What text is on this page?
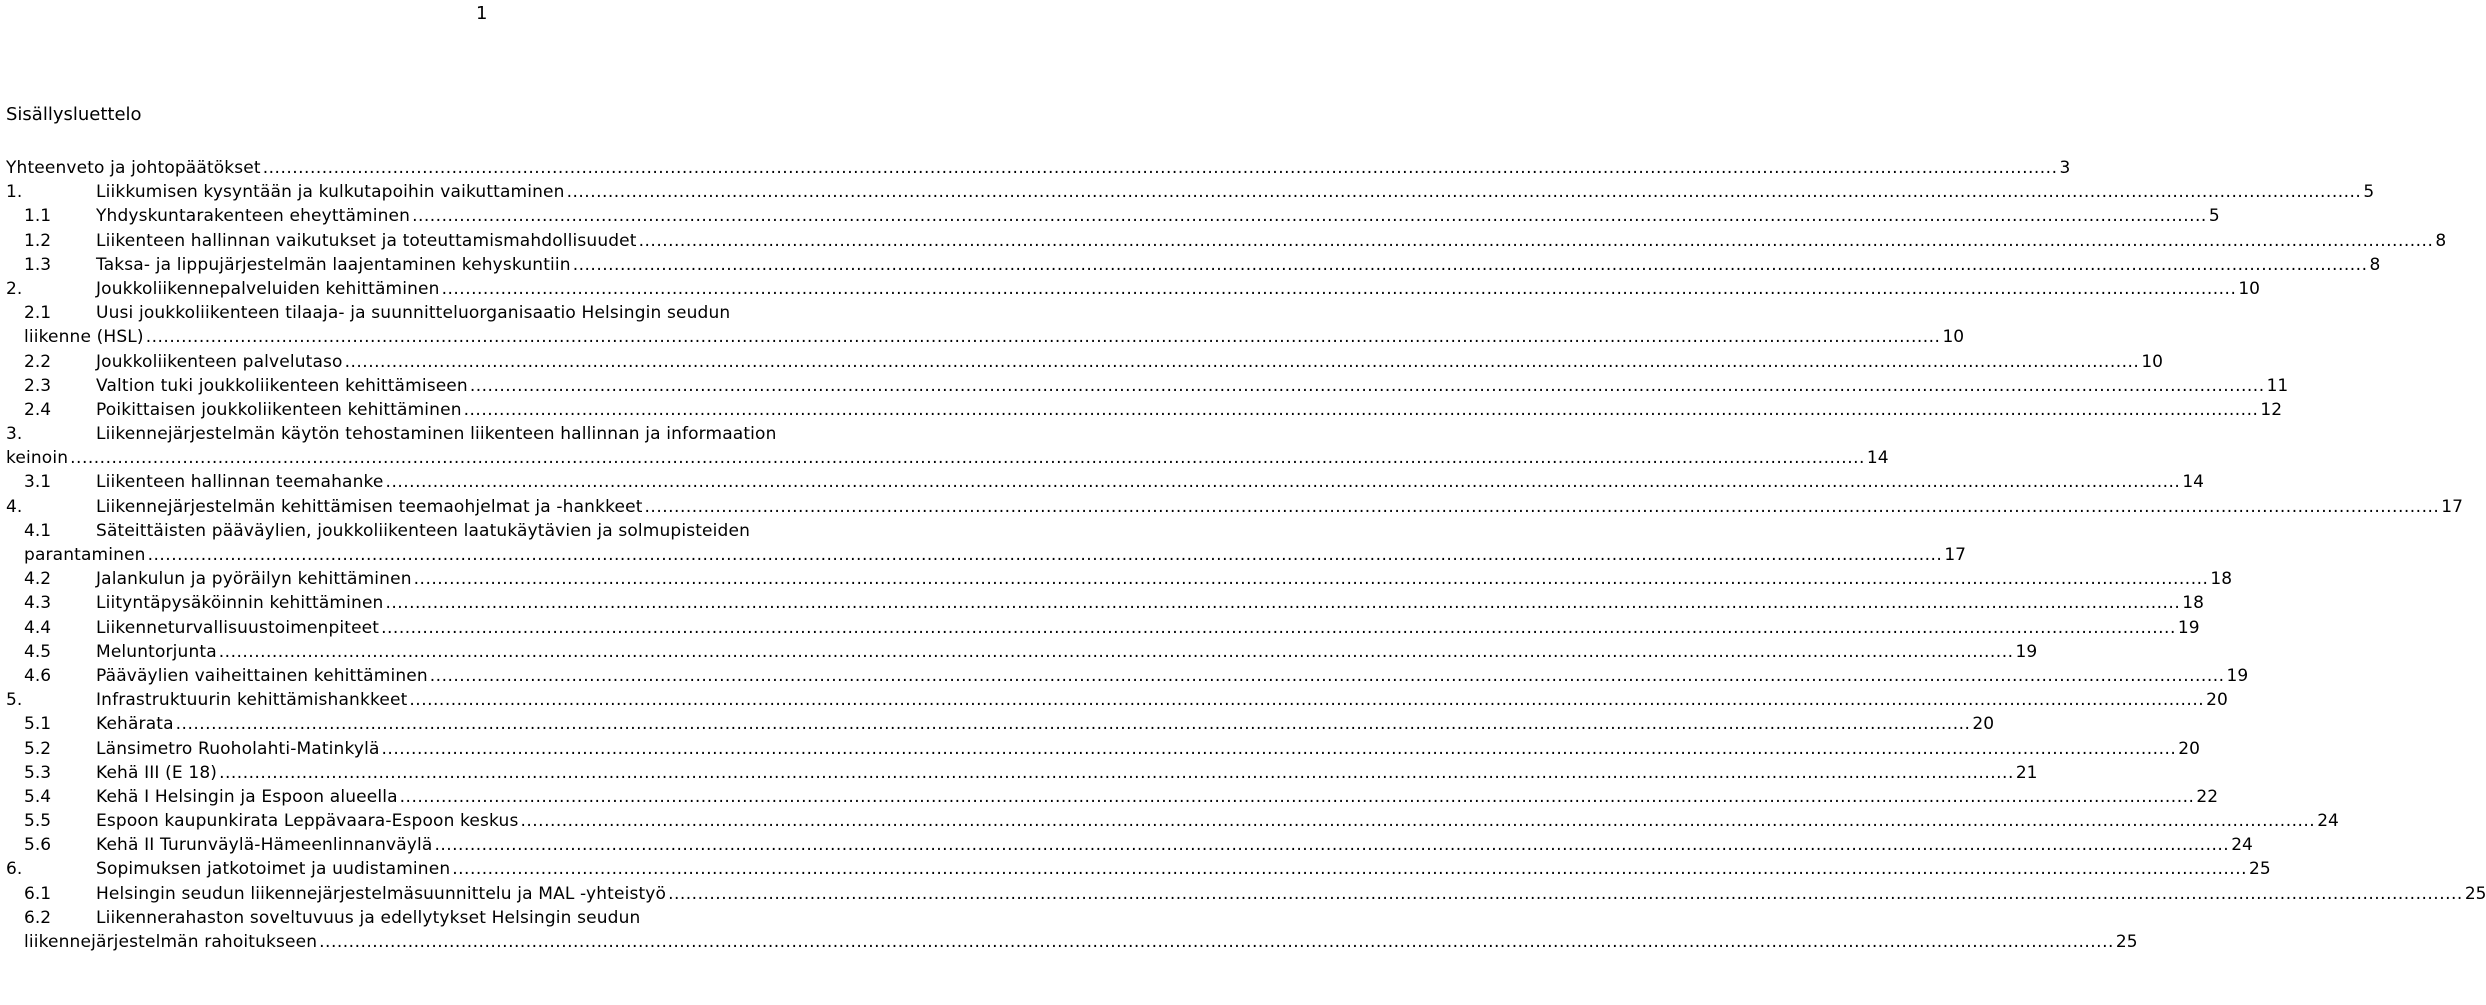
1
Sisällysluettelo
Yhteenveto ja johtopäätökset .....	3
1.	Liikkumisen kysyntään ja kulkutapoihin vaikuttaminen .....	5
1.1	Yhdyskuntarakenteen eheyttäminen .....	5
1.2	Liikenteen hallinnan vaikutukset ja toteuttamismahdollisuudet .....	8
1.3	Taksa- ja lippujärjestelmän laajentaminen kehyskuntiin .....	8
2.	Joukkoliikennepalveluiden kehittäminen .....	10
2.1	Uusi joukkoliikenteen tilaaja- ja suunnitteluorganisaatio Helsingin seudun
liikenne (HSL) .....	10
2.2	Joukkoliikenteen palvelutaso .....	10
2.3	Valtion tuki joukkoliikenteen kehittämiseen .....	11
2.4	Poikittaisen joukkoliikenteen kehittäminen .....	12
3.	Liikennejärjestelmän käytön tehostaminen liikenteen hallinnan ja informaation
keinoin .....	14
3.1	Liikenteen hallinnan teemahanke .....	14
4.	Liikennejärjestelmän kehittämisen teemaohjelmat ja -hankkeet .....	17
4.1	Säteittäisten pääväylien, joukkoliikenteen laatukäytävien ja solmupisteiden
parantaminen .....	17
4.2	Jalankulun ja pyöräilyn kehittäminen .....	18
4.3	Liityntäpysäköinnin kehittäminen .....	18
4.4	Liikenneturvallisuustoimenpiteet .....	19
4.5	Meluntorjunta .....	19
4.6	Pääväylien vaiheittainen kehittäminen .....	19
5.	Infrastruktuurin kehittämishankkeet .....	20
5.1	Kehärata .....	20
5.2	Länsimetro Ruoholahti-Matinkylä .....	20
5.3	Kehä III (E 18) .....	21
5.4	Kehä I Helsingin ja Espoon alueella .....	22
5.5	Espoon kaupunkirata Leppävaara-Espoon keskus .....	24
5.6	Kehä II Turunväylä-Hämeenlinnanväylä .....	24
6.	Sopimuksen jatkotoimet ja uudistaminen .....	25
6.1	Helsingin seudun liikennejärjestelmäsuunnittelu ja MAL -yhteistyö .....	25
6.2	Liikennerahaston soveltuvuus ja edellytykset Helsingin seudun
liikennejärjestelmän rahoitukseen .....	25
